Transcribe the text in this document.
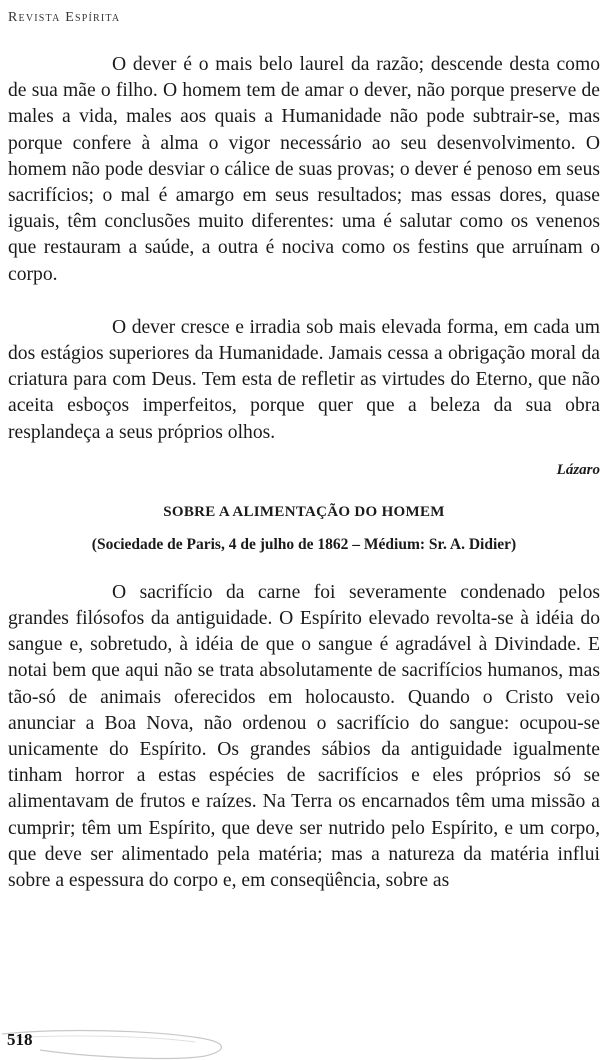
Revista Espírita

O dever é o mais belo laurel da razão; descende desta como de sua mãe o filho. O homem tem de amar o dever, não porque preserve de males a vida, males aos quais a Humanidade não pode subtrair-se, mas porque confere à alma o vigor necessário ao seu desenvolvimento. O homem não pode desviar o cálice de suas provas; o dever é penoso em seus sacrifícios; o mal é amargo em seus resultados; mas essas dores, quase iguais, têm conclusões muito diferentes: uma é salutar como os venenos que restauram a saúde, a outra é nociva como os festins que arruínam o corpo.

O dever cresce e irradia sob mais elevada forma, em cada um dos estágios superiores da Humanidade. Jamais cessa a obrigação moral da criatura para com Deus. Tem esta de refletir as virtudes do Eterno, que não aceita esboços imperfeitos, porque quer que a beleza da sua obra resplandeça a seus próprios olhos.

Lázaro
SOBRE A ALIMENTAÇÃO DO HOMEM
(Sociedade de Paris, 4 de julho de 1862 – Médium: Sr. A. Didier)

O sacrifício da carne foi severamente condenado pelos grandes filósofos da antiguidade. O Espírito elevado revolta-se à idéia do sangue e, sobretudo, à idéia de que o sangue é agradável à Divindade. E notai bem que aqui não se trata absolutamente de sacrifícios humanos, mas tão-só de animais oferecidos em holocausto. Quando o Cristo veio anunciar a Boa Nova, não ordenou o sacrifício do sangue: ocupou-se unicamente do Espírito. Os grandes sábios da antiguidade igualmente tinham horror a estas espécies de sacrifícios e eles próprios só se alimentavam de frutos e raízes. Na Terra os encarnados têm uma missão a cumprir; têm um Espírito, que deve ser nutrido pelo Espírito, e um corpo, que deve ser alimentado pela matéria; mas a natureza da matéria influi sobre a espessura do corpo e, em conseqüência, sobre as

518
